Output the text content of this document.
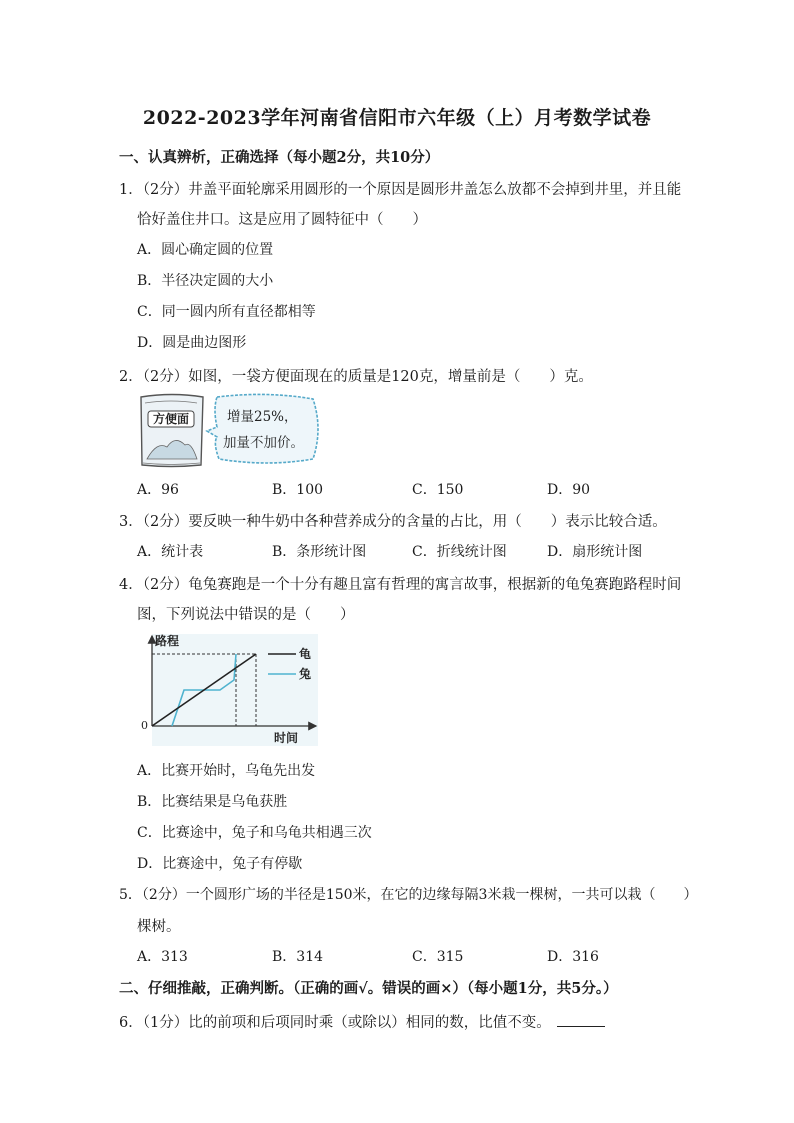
2022-2023学年河南省信阳市六年级（上）月考数学试卷
一、认真辨析，正确选择（每小题2分，共10分）
1．（2分）井盖平面轮廓采用圆形的一个原因是圆形井盖怎么放都不会掉到井里，并且能
恰好盖住井口。这是应用了圆特征中（　　）
A．圆心确定圆的位置
B．半径决定圆的大小
C．同一圆内所有直径都相等
D．圆是曲边图形
2．（2分）如图，一袋方便面现在的质量是120克，增量前是（　　）克。
方便面	增量25%，
加量不加价。
A．96	B．100	C．150	D．90
3．（2分）要反映一种牛奶中各种营养成分的含量的占比，用（　　）表示比较合适。
A．统计表	B．条形统计图	C．折线统计图	D．扇形统计图
4．（2分）龟兔赛跑是一个十分有趣且富有哲理的寓言故事，根据新的龟兔赛跑路程时间
图，下列说法中错误的是（　　）
路程
时间
0
龟
兔
A．比赛开始时，乌龟先出发
B．比赛结果是乌龟获胜
C．比赛途中，兔子和乌龟共相遇三次
D．比赛途中，兔子有停歇
5．（2分）一个圆形广场的半径是150米，在它的边缘每隔3米栽一棵树，一共可以栽（　　）
棵树。
A．313	B．314	C．315	D．316
二、仔细推敲，正确判断。（正确的画√。错误的画×）（每小题1分，共5分。）
6．（1分）比的前项和后项同时乘（或除以）相同的数，比值不变。
